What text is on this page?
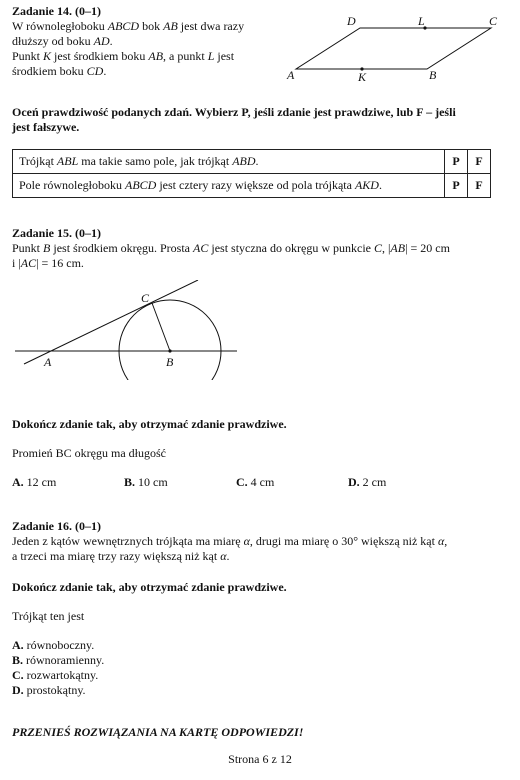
Zadanie 14. (0–1)

W równoległoboku ABCD bok AB jest dwa razy

dłuższy od boku AD.

Punkt K jest środkiem boku AB, a punkt L jest

środkiem boku CD.

D	L	C
A	K	B

Oceń prawdziwość podanych zdań. Wybierz P, jeśli zdanie jest prawdziwe, lub F – jeśli

jest fałszywe.

Trójkąt ABL ma takie samo pole, jak trójkąt ABD.	P	F
Pole równoległoboku ABCD jest cztery razy większe od pola trójkąta AKD.	P	F

Zadanie 15. (0–1)

Punkt B jest środkiem okręgu. Prosta AC jest styczna do okręgu w punkcie C, |AB| = 20 cm

i |AC| = 16 cm.

C
A	B

Dokończ zdanie tak, aby otrzymać zdanie prawdziwe.

Promień BC okręgu ma długość

A. 12 cm	B. 10 cm	C. 4 cm	D. 2 cm

Zadanie 16. (0–1)

Jeden z kątów wewnętrznych trójkąta ma miarę α, drugi ma miarę o 30° większą niż kąt α,

a trzeci ma miarę trzy razy większą niż kąt α.

Dokończ zdanie tak, aby otrzymać zdanie prawdziwe.

Trójkąt ten jest

A. równoboczny.
B. równoramienny.
C. rozwartokątny.
D. prostokątny.

PRZENIEŚ ROZWIĄZANIA NA KARTĘ ODPOWIEDZI!

Strona 6 z 12
